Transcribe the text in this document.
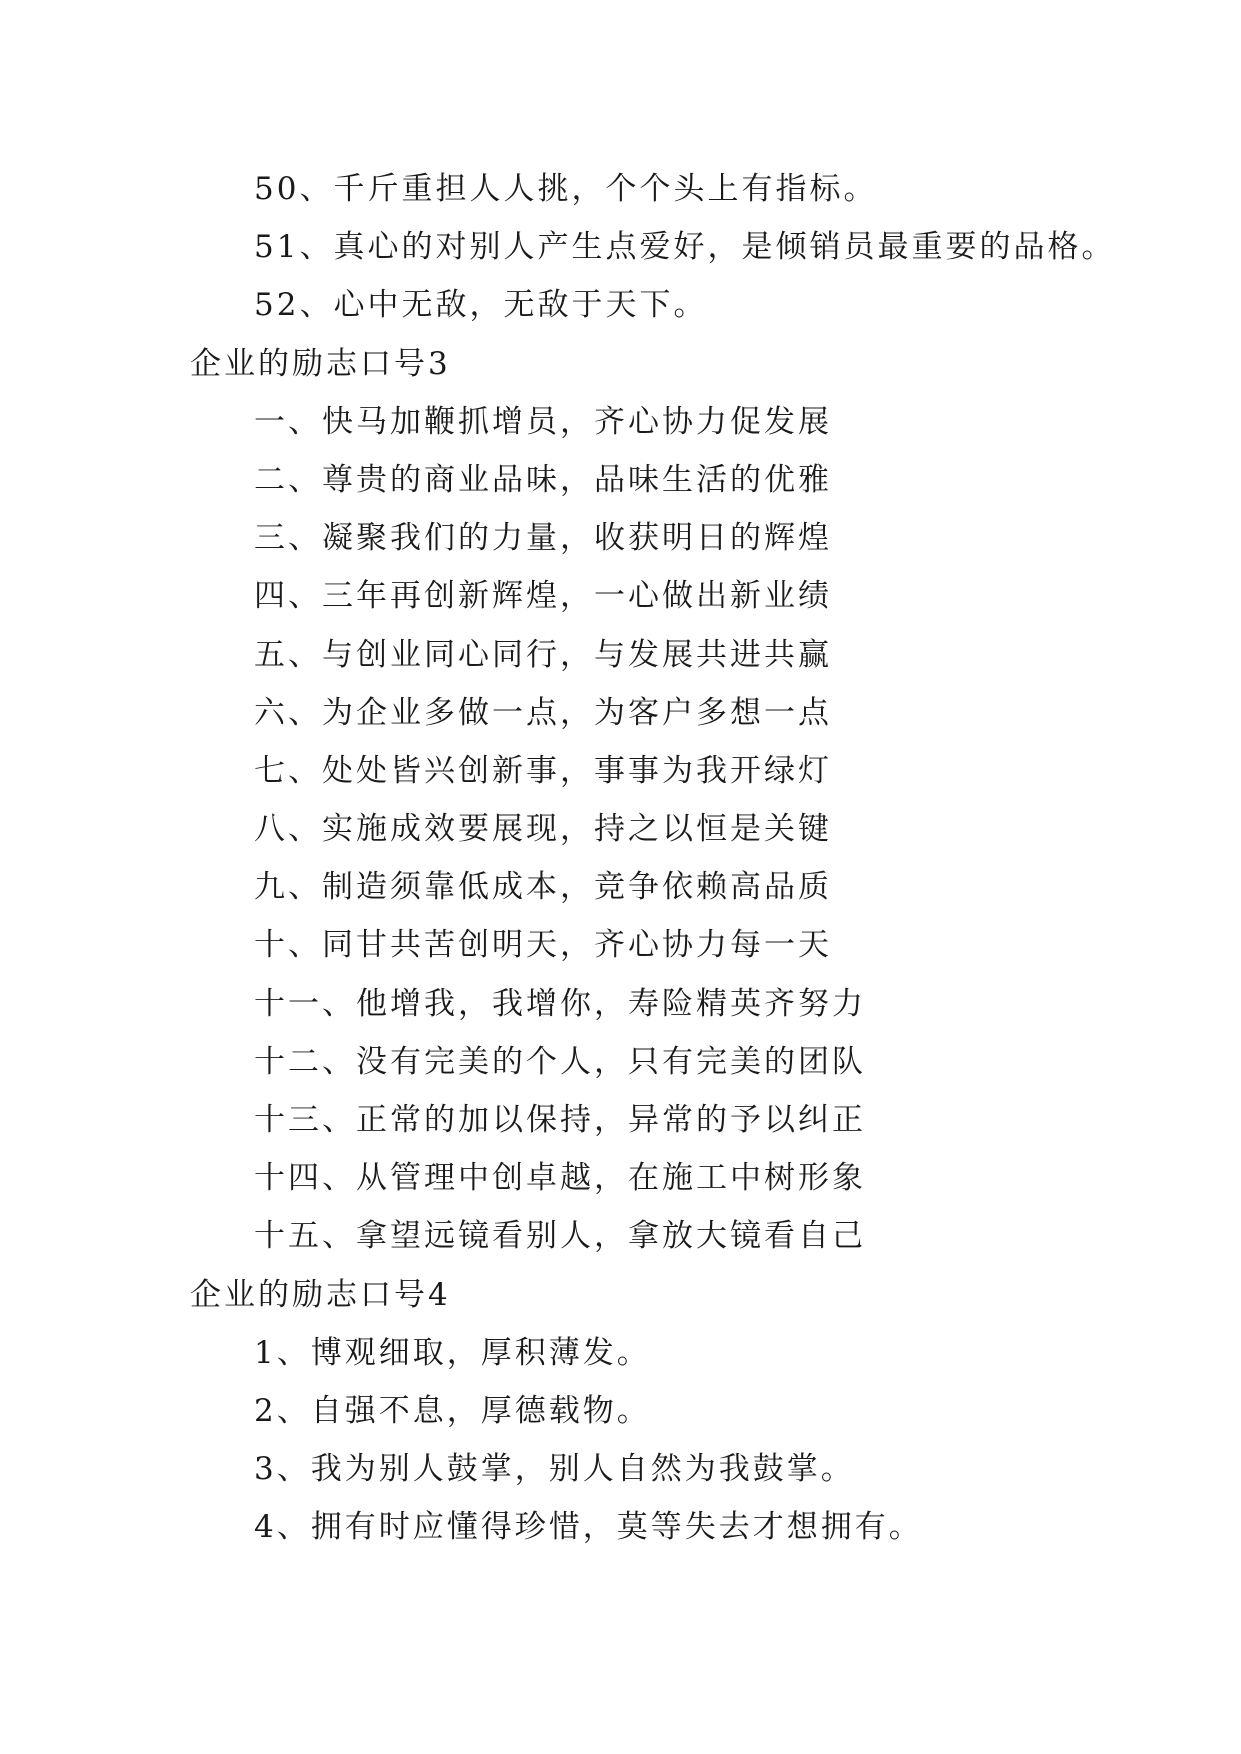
50、千斤重担人人挑，个个头上有指标。
51、真心的对别人产生点爱好，是倾销员最重要的品格。
52、心中无敌，无敌于天下。
企业的励志口号3
一、快马加鞭抓增员，齐心协力促发展
二、尊贵的商业品味，品味生活的优雅
三、凝聚我们的力量，收获明日的辉煌
四、三年再创新辉煌，一心做出新业绩
五、与创业同心同行，与发展共进共赢
六、为企业多做一点，为客户多想一点
七、处处皆兴创新事，事事为我开绿灯
八、实施成效要展现，持之以恒是关键
九、制造须靠低成本，竞争依赖高品质
十、同甘共苦创明天，齐心协力每一天
十一、他增我，我增你，寿险精英齐努力
十二、没有完美的个人，只有完美的团队
十三、正常的加以保持，异常的予以纠正
十四、从管理中创卓越，在施工中树形象
十五、拿望远镜看别人，拿放大镜看自己
企业的励志口号4
1、博观细取，厚积薄发。
2、自强不息，厚德载物。
3、我为别人鼓掌，别人自然为我鼓掌。
4、拥有时应懂得珍惜，莫等失去才想拥有。
